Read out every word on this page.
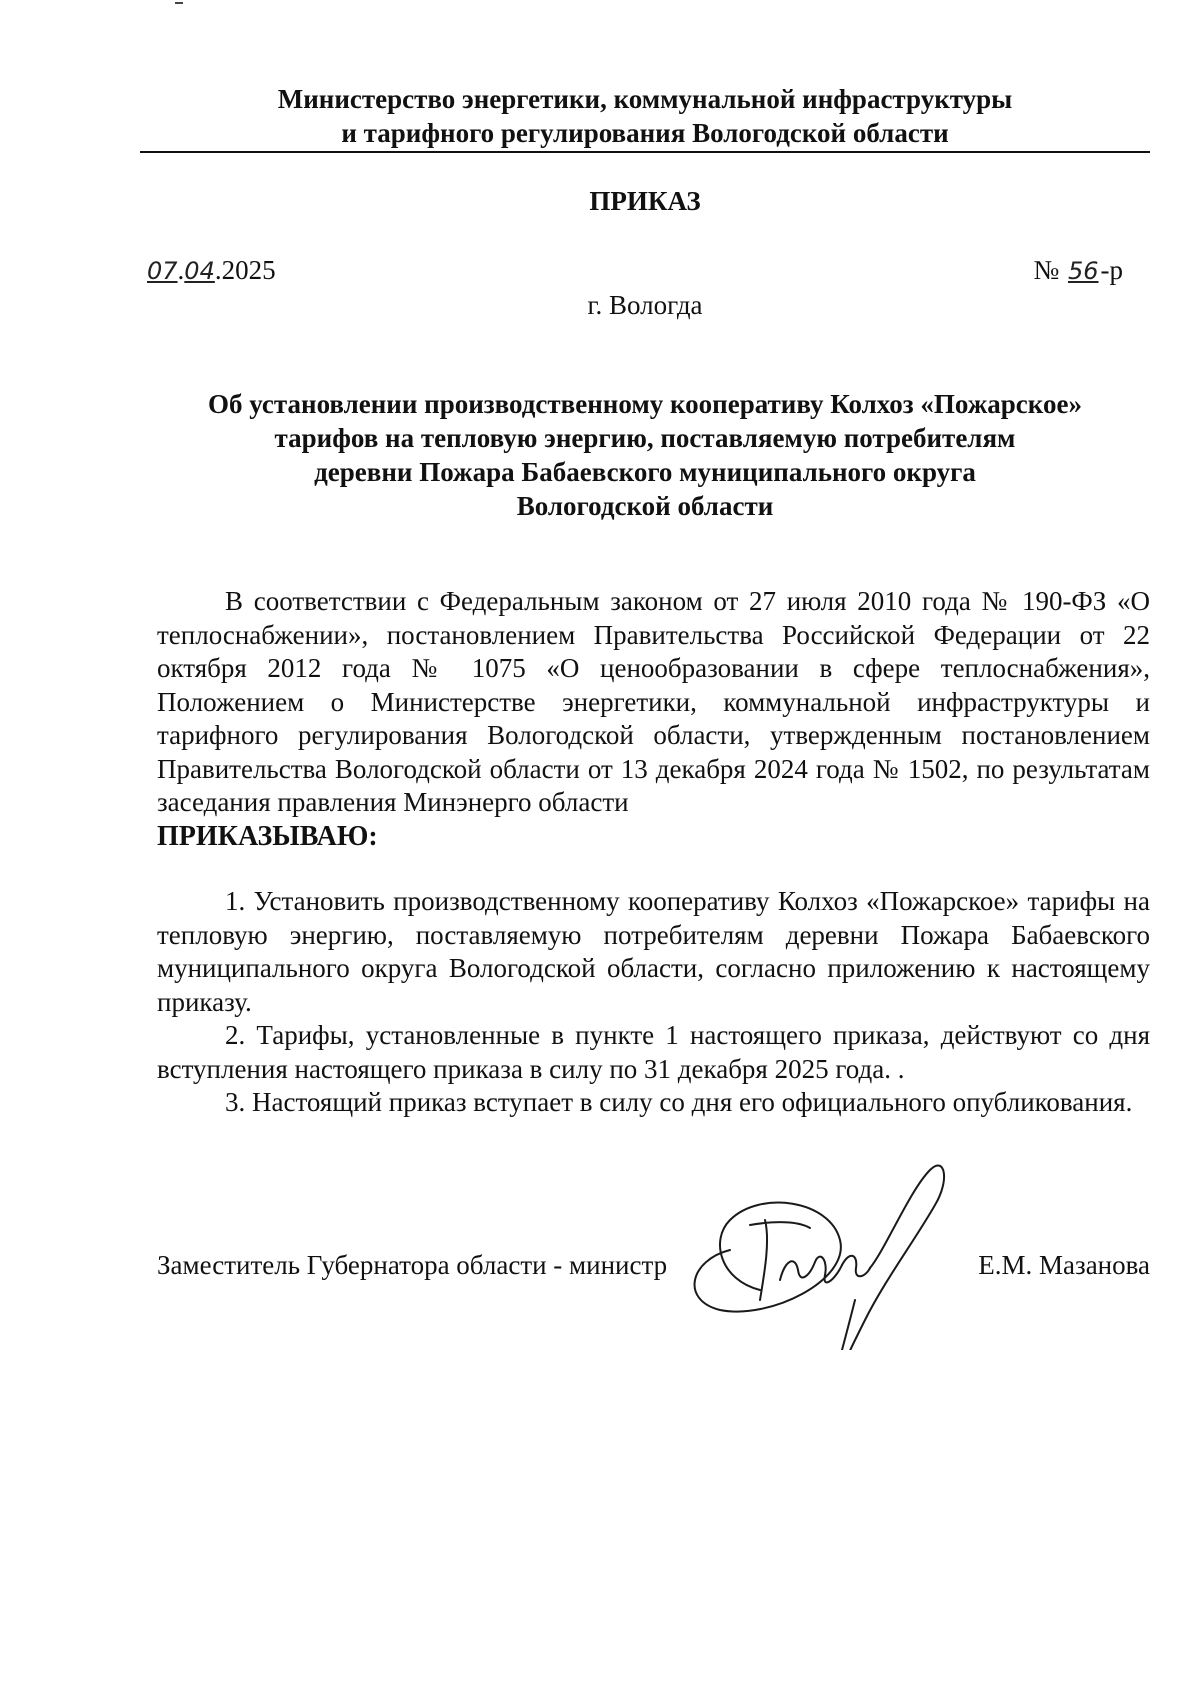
Министерство энергетики, коммунальной инфраструктуры
и тарифного регулирования Вологодской области
ПРИКАЗ
07.04.2025	№ 56-р
г. Вологда
Об установлении производственному кооперативу Колхоз «Пожарское»
тарифов на тепловую энергию, поставляемую потребителям
деревни Пожара Бабаевского муниципального округа
Вологодской области
В соответствии с Федеральным законом от 27 июля 2010 года № 190-ФЗ «О теплоснабжении», постановлением Правительства Российской Федерации от 22 октября 2012 года № 1075 «О ценообразовании в сфере теплоснабжения», Положением о Министерстве энергетики, коммунальной инфраструктуры и тарифного регулирования Вологодской области, утвержденным постановлением Правительства Вологодской области от 13 декабря 2024 года № 1502, по результатам заседания правления Минэнерго области
ПРИКАЗЫВАЮ:

1. Установить производственному кооперативу Колхоз «Пожарское» тарифы на тепловую энергию, поставляемую потребителям деревни Пожара Бабаевского муниципального округа Вологодской области, согласно приложению к настоящему приказу.

2. Тарифы, установленные в пункте 1 настоящего приказа, действуют со дня вступления настоящего приказа в силу по 31 декабря 2025 года. .

3. Настоящий приказ вступает в силу со дня его официального опубликования.

Заместитель Губернатора области - министр	Е.М. Мазанова
